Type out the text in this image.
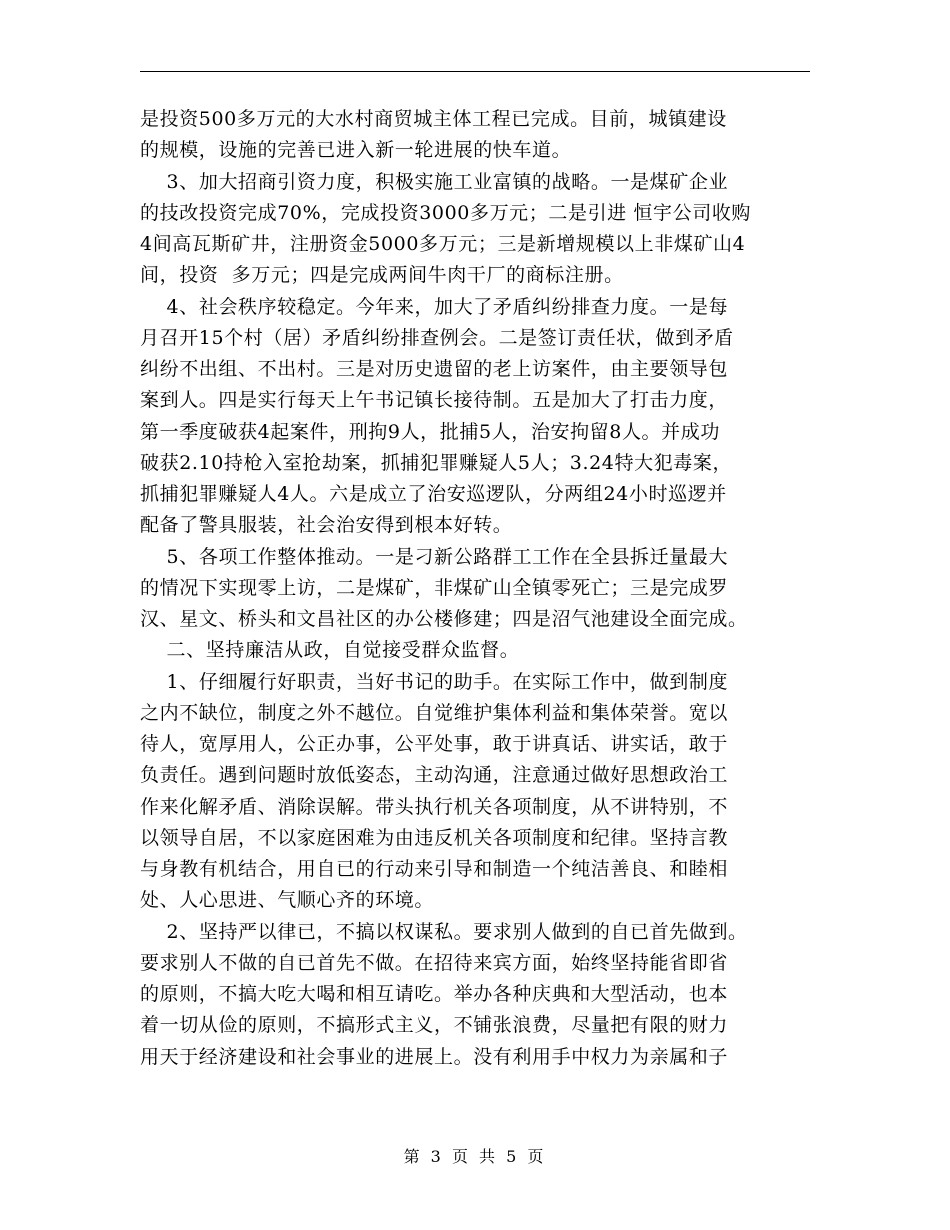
是投资500多万元的大水村商贸城主体工程已完成。目前，城镇建设
的规模，设施的完善已进入新一轮进展的快车道。
3、加大招商引资力度，积极实施工业富镇的战略。一是煤矿企业
的技改投资完成70%，完成投资3000多万元；二是引进 恒宇公司收购
4间高瓦斯矿井，注册资金5000多万元；三是新增规模以上非煤矿山4
间，投资  多万元；四是完成两间牛肉干厂的商标注册。
4、社会秩序较稳定。今年来，加大了矛盾纠纷排查力度。一是每
月召开15个村（居）矛盾纠纷排查例会。二是签订责任状，做到矛盾
纠纷不出组、不出村。三是对历史遗留的老上访案件，由主要领导包
案到人。四是实行每天上午书记镇长接待制。五是加大了打击力度，
第一季度破获4起案件，刑拘9人，批捕5人，治安拘留8人。并成功
破获2.10持枪入室抢劫案，抓捕犯罪赚疑人5人；3.24特大犯毒案，
抓捕犯罪赚疑人4人。六是成立了治安巡逻队，分两组24小时巡逻并
配备了警具服装，社会治安得到根本好转。
5、各项工作整体推动。一是刁新公路群工工作在全县拆迁量最大
的情况下实现零上访，二是煤矿，非煤矿山全镇零死亡；三是完成罗
汉、星文、桥头和文昌社区的办公楼修建；四是沼气池建设全面完成。
二、坚持廉洁从政，自觉接受群众监督。
1、仔细履行好职责，当好书记的助手。在实际工作中，做到制度
之内不缺位，制度之外不越位。自觉维护集体利益和集体荣誉。宽以
待人，宽厚用人，公正办事，公平处事，敢于讲真话、讲实话，敢于
负责任。遇到问题时放低姿态，主动沟通，注意通过做好思想政治工
作来化解矛盾、消除误解。带头执行机关各项制度，从不讲特别，不
以领导自居，不以家庭困难为由违反机关各项制度和纪律。坚持言教
与身教有机结合，用自已的行动来引导和制造一个纯洁善良、和睦相
处、人心思进、气顺心齐的环境。
2、坚持严以律已，不搞以权谋私。要求别人做到的自已首先做到。
要求别人不做的自已首先不做。在招待来宾方面，始终坚持能省即省
的原则，不搞大吃大喝和相互请吃。举办各种庆典和大型活动，也本
着一切从俭的原则，不搞形式主义，不铺张浪费，尽量把有限的财力
用天于经济建设和社会事业的进展上。没有利用手中权力为亲属和子
第 3 页 共 5 页
